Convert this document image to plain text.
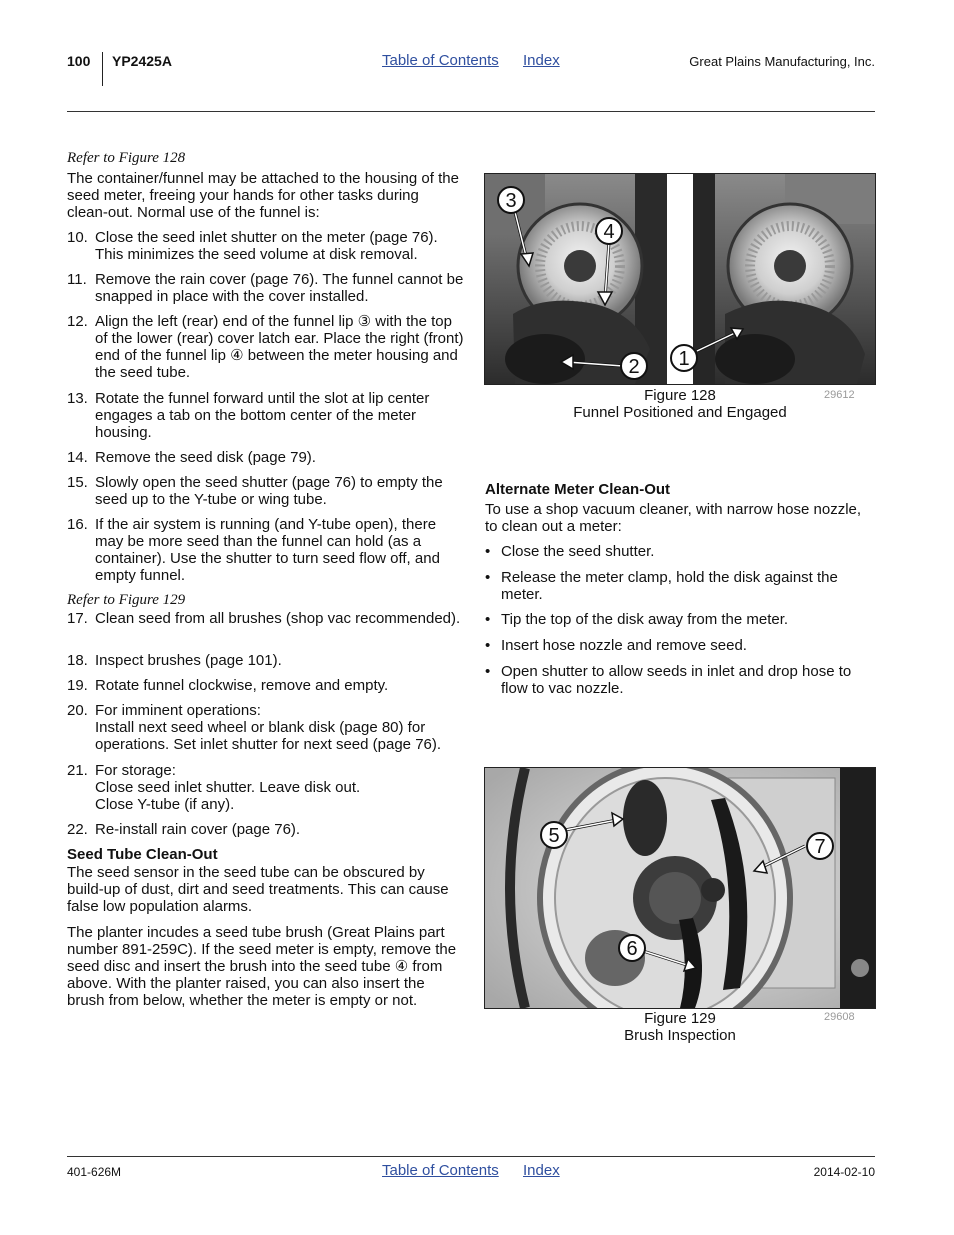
100 YP2425A	Table of Contents Index	Great Plains Manufacturing, Inc.
Refer to Figure 128
The container/funnel may be attached to the housing of the seed meter, freeing your hands for other tasks during clean-out. Normal use of the funnel is:
10. Close the seed inlet shutter on the meter (page 76). This minimizes the seed volume at disk removal.
11. Remove the rain cover (page 76). The funnel cannot be snapped in place with the cover installed.
12. Align the left (rear) end of the funnel lip ③ with the top of the lower (rear) cover latch ear. Place the right (front) end of the funnel lip ④ between the meter housing and the seed tube.
13. Rotate the funnel forward until the slot at lip center engages a tab on the bottom center of the meter housing.
14. Remove the seed disk (page 79).
15. Slowly open the seed shutter (page 76) to empty the seed up to the Y-tube or wing tube.
16. If the air system is running (and Y-tube open), there may be more seed than the funnel can hold (as a container). Use the shutter to turn seed flow off, and empty funnel.
Refer to Figure 129
17. Clean seed from all brushes (shop vac recommended).
18. Inspect brushes (page 101).
19. Rotate funnel clockwise, remove and empty.
20. For imminent operations:
Install next seed wheel or blank disk (page 80) for operations. Set inlet shutter for next seed (page 76).
21. For storage:
Close seed inlet shutter. Leave disk out.
Close Y-tube (if any).
22. Re-install rain cover (page 76).
Seed Tube Clean-Out
The seed sensor in the seed tube can be obscured by build-up of dust, dirt and seed treatments. This can cause false low population alarms.
The planter incudes a seed tube brush (Great Plains part number 891-259C). If the seed meter is empty, remove the seed disc and insert the brush into the seed tube ④ from above. With the planter raised, you can also insert the brush from below, whether the meter is empty or not.
3
4
2 1
Figure 128
Funnel Positioned and Engaged
29612
Alternate Meter Clean-Out
To use a shop vacuum cleaner, with narrow hose nozzle, to clean out a meter:
• Close the seed shutter.
• Release the meter clamp, hold the disk against the meter.
• Tip the top of the disk away from the meter.
• Insert hose nozzle and remove seed.
• Open shutter to allow seeds in inlet and drop hose to flow to vac nozzle.
5	7
6
Figure 129
Brush Inspection
29608
401-626M	Table of Contents Index	2014-02-10
